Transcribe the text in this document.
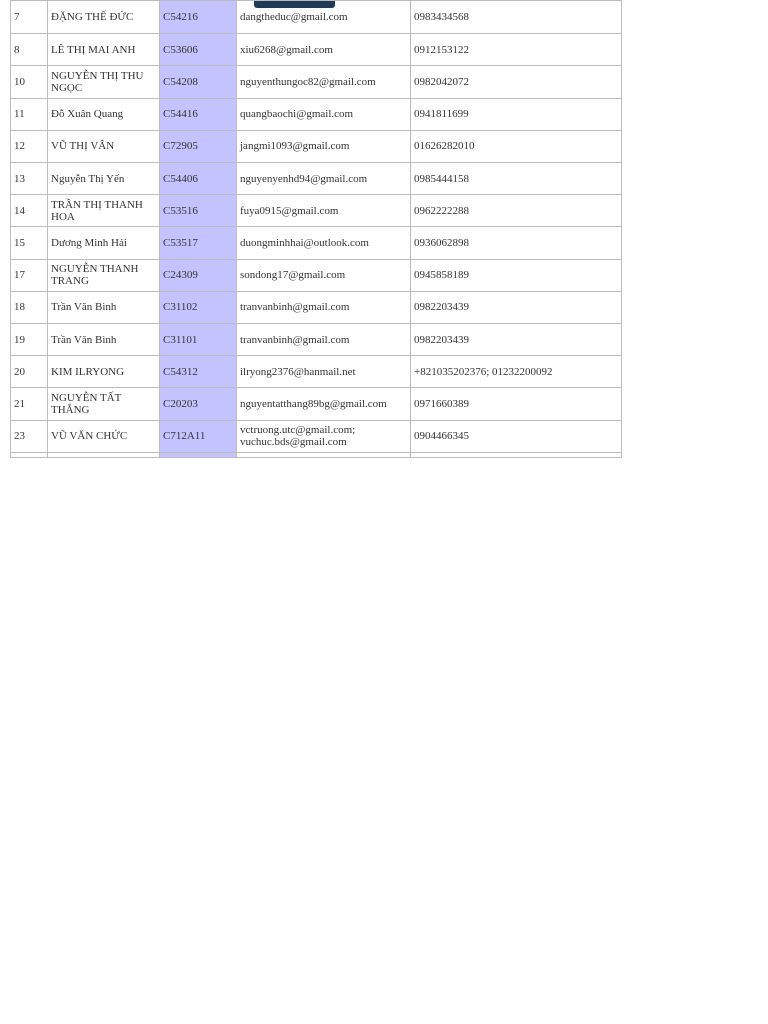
7	ĐẶNG THẾ ĐỨC	C54216	dangtheduc@gmail.com	0983434568
8	LÊ THỊ MAI ANH	C53606	xiu6268@gmail.com	0912153122
10	NGUYỄN THỊ THU NGỌC	C54208	nguyenthungoc82@gmail.com	0982042072
11	Đỗ Xuân Quang	C54416	quangbaochi@gmail.com	0941811699
12	VŨ THỊ VÂN	C72905	jangmi1093@gmail.com	01626282010
13	Nguyễn Thị Yến	C54406	nguyenyenhd94@gmail.com	0985444158
14	TRẦN THỊ THANH HOA	C53516	fuya0915@gmail.com	0962222288
15	Dương Minh Hải	C53517	duongminhhai@outlook.com	0936062898
17	NGUYỄN THANH TRANG	C24309	sondong17@gmail.com	0945858189
18	Trần Văn Bình	C31102	tranvanbinh@gmail.com	0982203439
19	Trần Văn Bình	C31101	tranvanbinh@gmail.com	0982203439
20	KIM ILRYONG	C54312	ilryong2376@hanmail.net	+821035202376; 01232200092
21	NGUYỄN TẤT THẮNG	C20203	nguyentatthang89bg@gmail.com	0971660389
23	VŨ VĂN CHỨC	C712A11	vctruong.utc@gmail.com;
vuchuc.bds@gmail.com	0904466345
